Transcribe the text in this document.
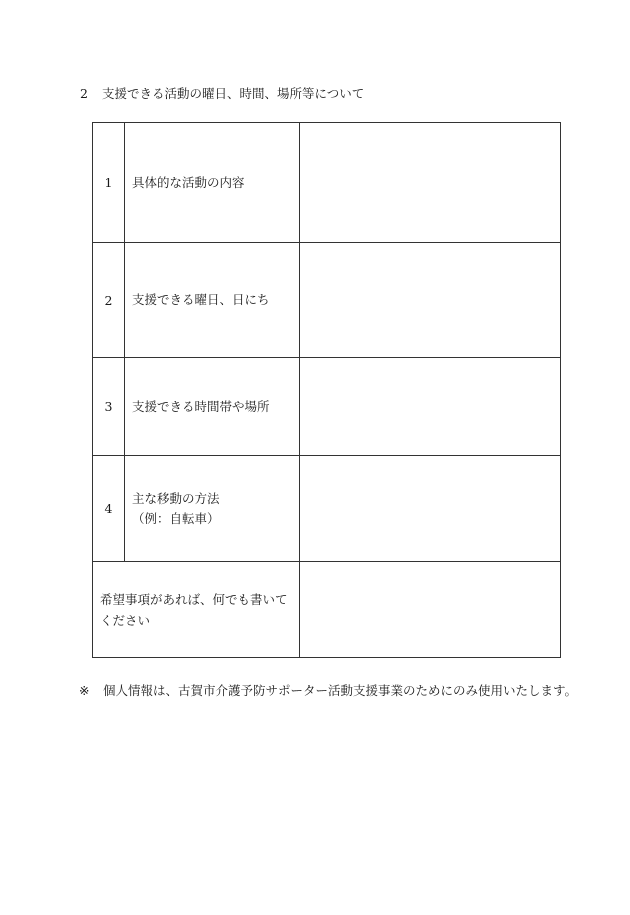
2 支援できる活動の曜日、時間、場所等について
1	具体的な活動の内容	
2	支援できる曜日、日にち	
3	支援できる時間帯や場所	
4	主な移動の方法
（例：自転車）	

希望事項があれば、何でも書いてください		
※ 個人情報は、古賀市介護予防サポーター活動支援事業のためにのみ使用いたします。
